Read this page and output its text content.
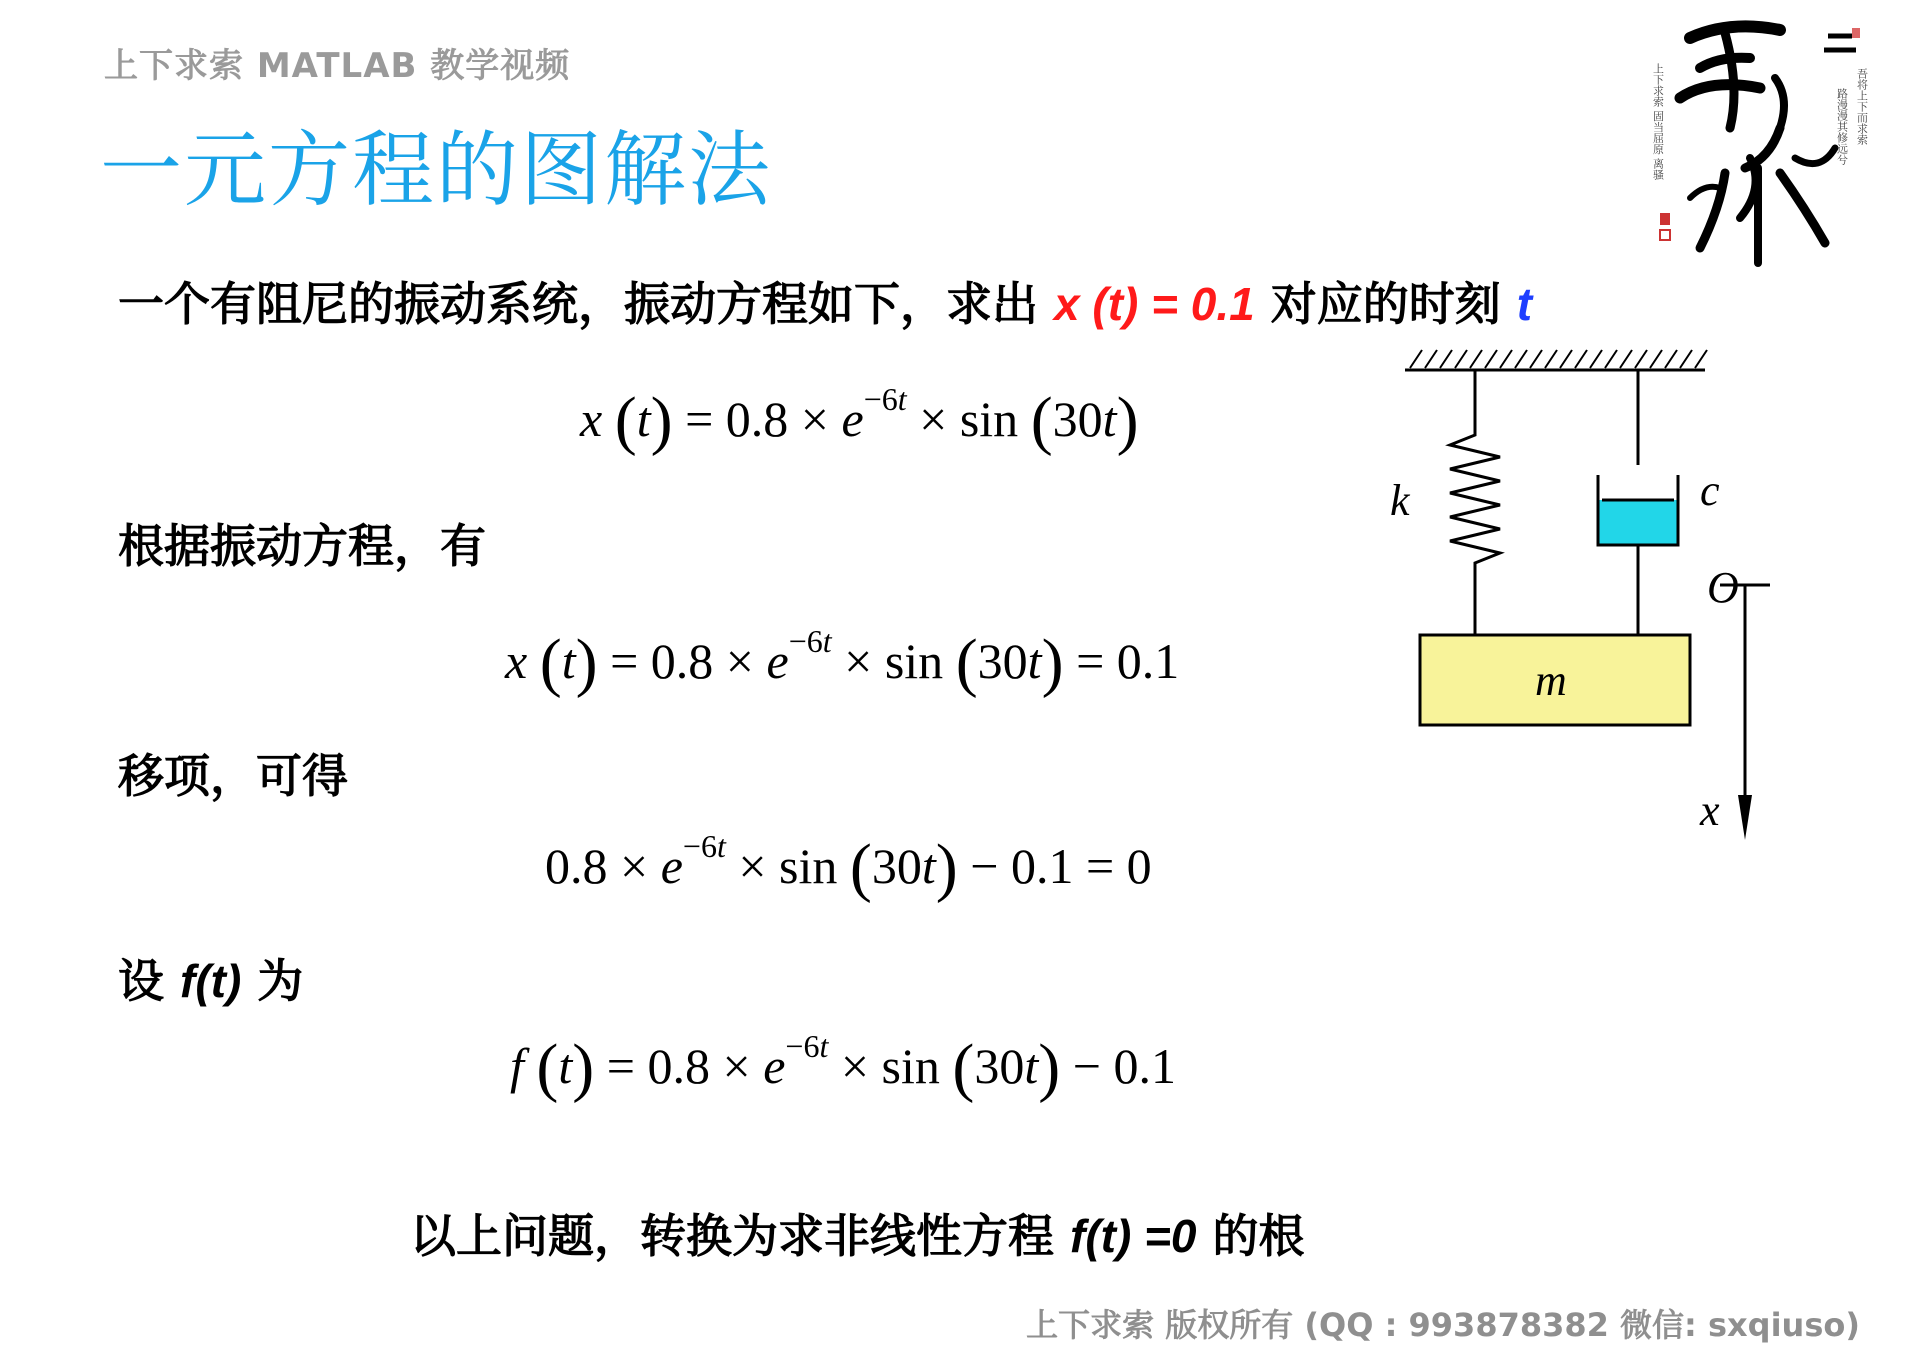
上下求索 MATLAB 教学视频
一元方程的图解法	上下求索 固当屈原 离骚	路漫漫其修远兮 吾将上下而求索
一个有阻尼的振动系统，振动方程如下，求出 x (t) = 0.1 对应的时刻 t
x $(t) = 0.8 \times e^{-6t} \times \sin (30t)$
根据振动方程，有
x $(t) = 0.8 \times e^{-6t} \times \sin (30t) = 0.1$
移项，可得
$0.8 \times e^{-6t} \times \sin (30t) - 0.1 = 0$
设 f(t) 为
f $(t) = 0.8 \times e^{-6t} \times \sin (30t) - 0.1$
以上问题，转换为求非线性方程 f(t) =0 的根
k	c
m
O
x
上下求索 版权所有 (QQ : 993878382 微信: sxqiuso)
